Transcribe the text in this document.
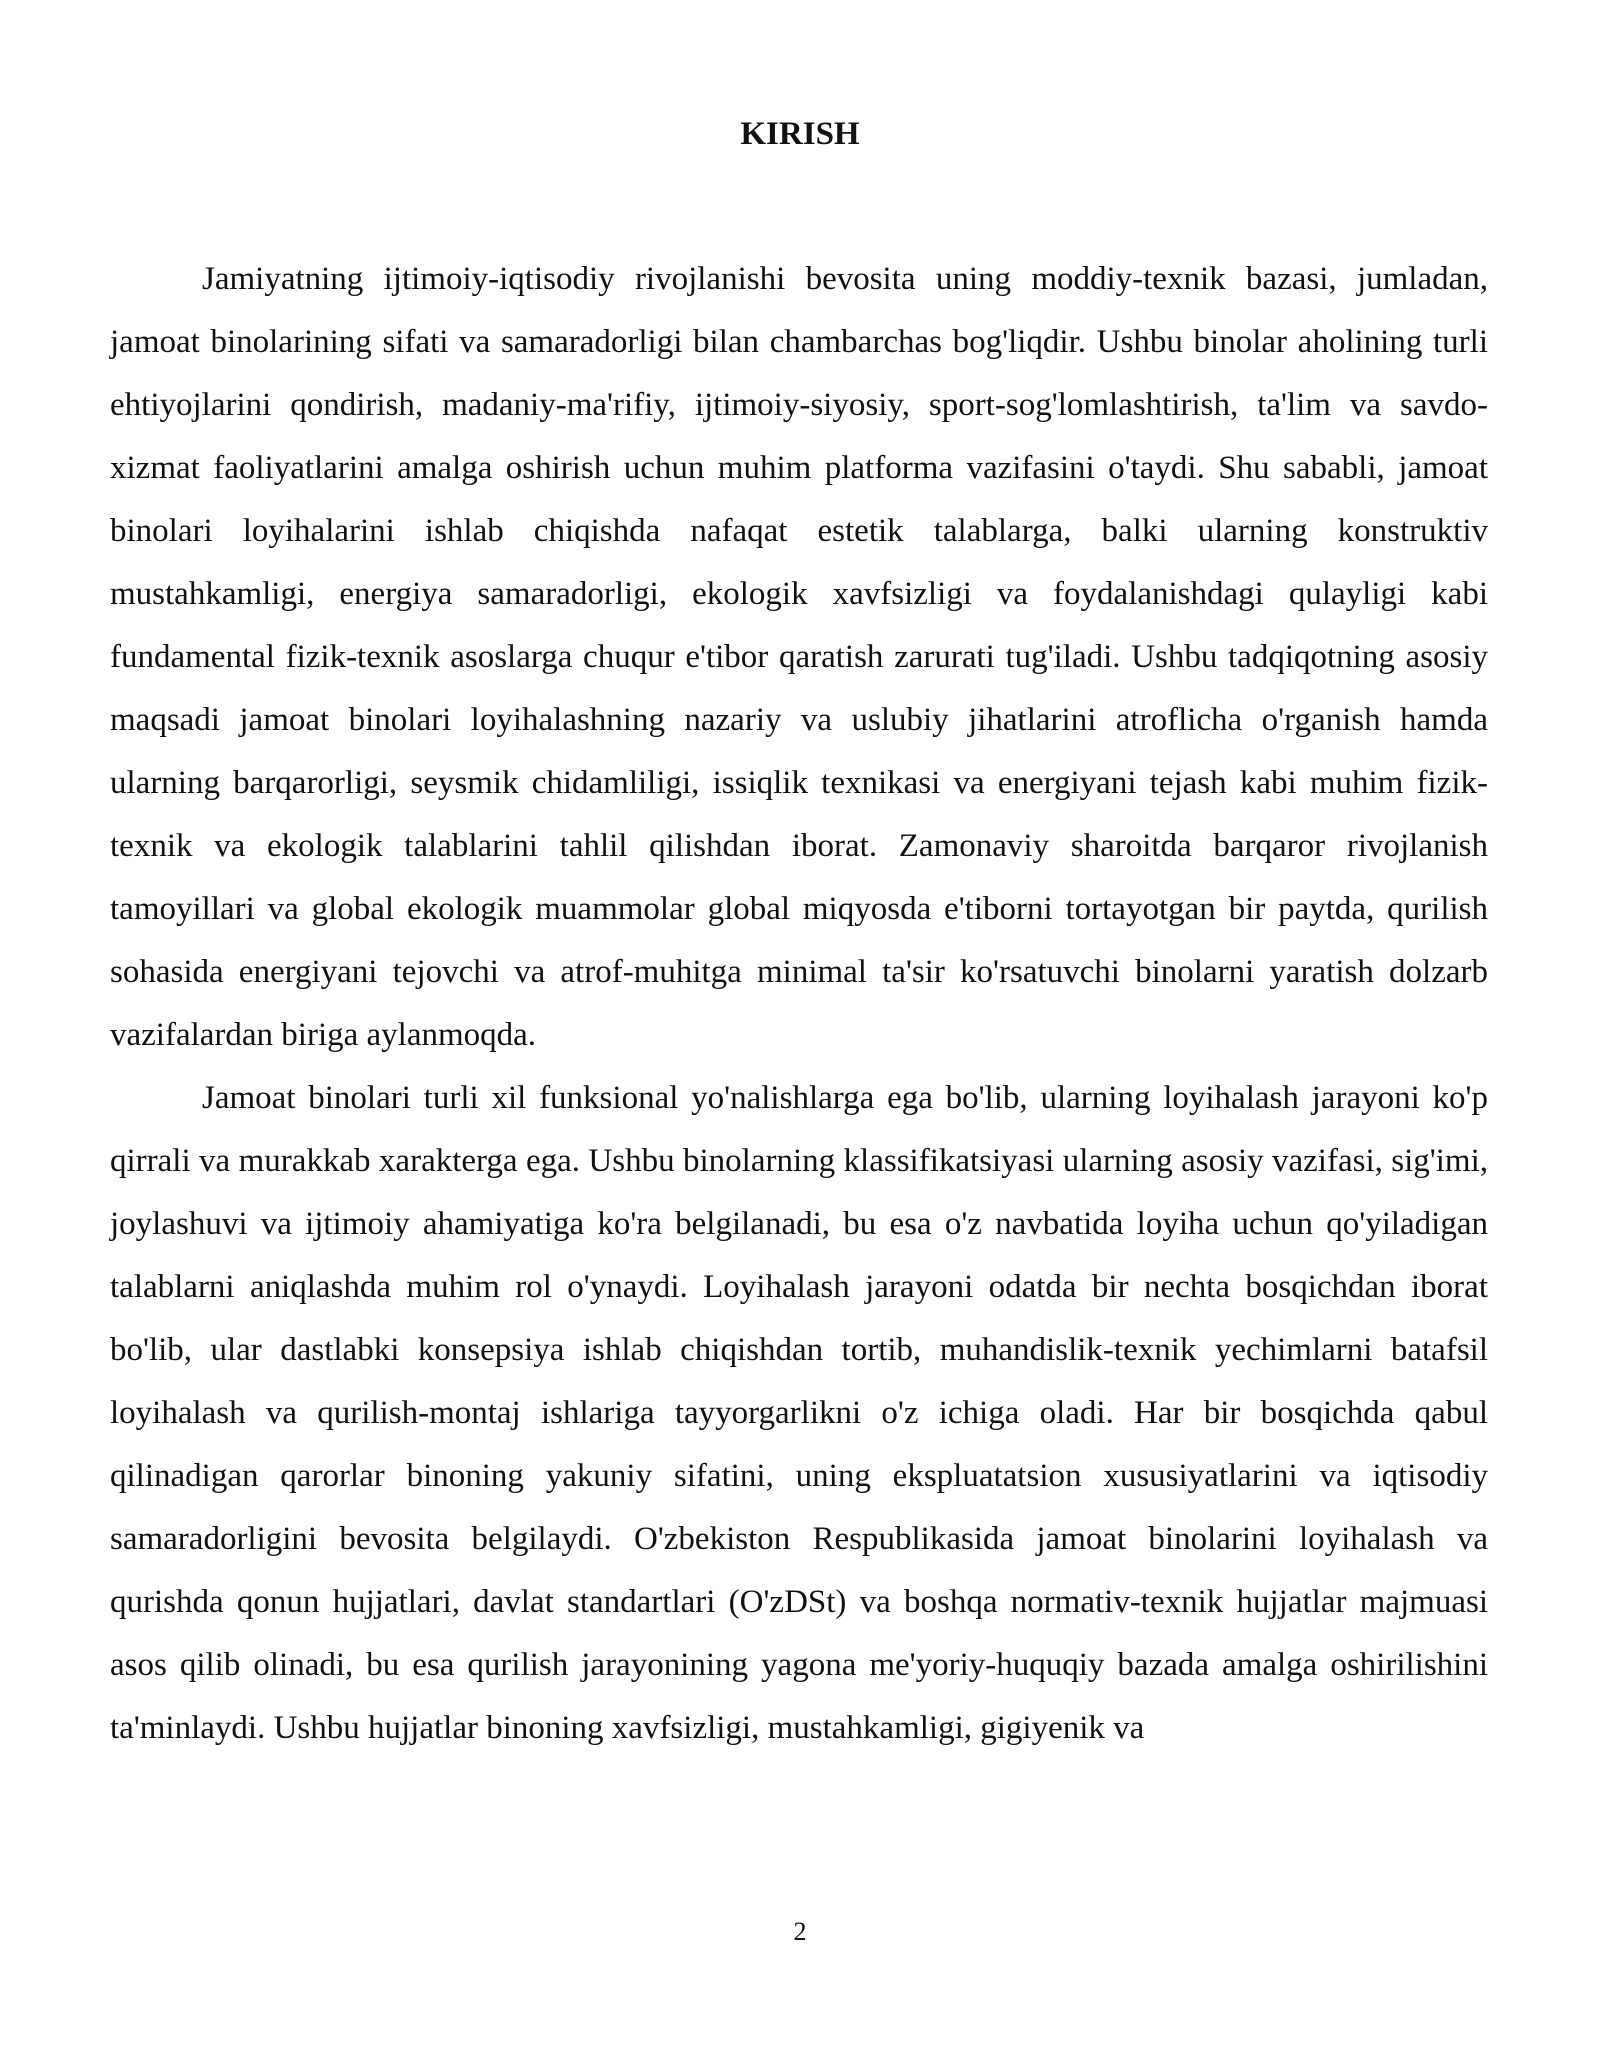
KIRISH

Jamiyatning ijtimoiy-iqtisodiy rivojlanishi bevosita uning moddiy-texnik bazasi, jumladan, jamoat binolarining sifati va samaradorligi bilan chambarchas bog'liqdir. Ushbu binolar aholining turli ehtiyojlarini qondirish, madaniy-ma'rifiy, ijtimoiy-siyosiy, sport-sog'lomlashtirish, ta'lim va savdo-xizmat faoliyatlarini amalga oshirish uchun muhim platforma vazifasini o'taydi. Shu sababli, jamoat binolari loyihalarini ishlab chiqishda nafaqat estetik talablarga, balki ularning konstruktiv mustahkamligi, energiya samaradorligi, ekologik xavfsizligi va foydalanishdagi qulayligi kabi fundamental fizik-texnik asoslarga chuqur e'tibor qaratish zarurati tug'iladi. Ushbu tadqiqotning asosiy maqsadi jamoat binolari loyihalashning nazariy va uslubiy jihatlarini atroflicha o'rganish hamda ularning barqarorligi, seysmik chidamliligi, issiqlik texnikasi va energiyani tejash kabi muhim fizik-texnik va ekologik talablarini tahlil qilishdan iborat. Zamonaviy sharoitda barqaror rivojlanish tamoyillari va global ekologik muammolar global miqyosda e'tiborni tortayotgan bir paytda, qurilish sohasida energiyani tejovchi va atrof-muhitga minimal ta'sir ko'rsatuvchi binolarni yaratish dolzarb vazifalardan biriga aylanmoqda.

Jamoat binolari turli xil funksional yo'nalishlarga ega bo'lib, ularning loyihalash jarayoni ko'p qirrali va murakkab xarakterga ega. Ushbu binolarning klassifikatsiyasi ularning asosiy vazifasi, sig'imi, joylashuvi va ijtimoiy ahamiyatiga ko'ra belgilanadi, bu esa o'z navbatida loyiha uchun qo'yiladigan talablarni aniqlashda muhim rol o'ynaydi. Loyihalash jarayoni odatda bir nechta bosqichdan iborat bo'lib, ular dastlabki konsepsiya ishlab chiqishdan tortib, muhandislik-texnik yechimlarni batafsil loyihalash va qurilish-montaj ishlariga tayyorgarlikni o'z ichiga oladi. Har bir bosqichda qabul qilinadigan qarorlar binoning yakuniy sifatini, uning ekspluatatsion xususiyatlarini va iqtisodiy samaradorligini bevosita belgilaydi. O'zbekiston Respublikasida jamoat binolarini loyihalash va qurishda qonun hujjatlari, davlat standartlari (O'zDSt) va boshqa normativ-texnik hujjatlar majmuasi asos qilib olinadi, bu esa qurilish jarayonining yagona me'yoriy-huquqiy bazada amalga oshirilishini ta'minlaydi. Ushbu hujjatlar binoning xavfsizligi, mustahkamligi, gigiyenik va

2
